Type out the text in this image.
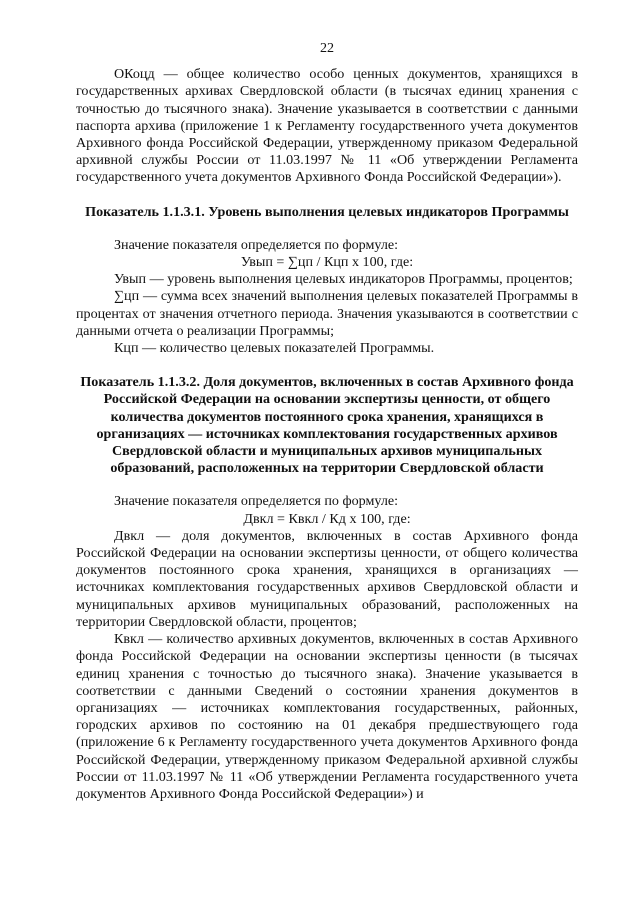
22

ОКоцд — общее количество особо ценных документов, хранящихся в государственных архивах Свердловской области (в тысячах единиц хранения с точностью до тысячного знака). Значение указывается в соответствии с данными паспорта архива (приложение 1 к Регламенту государственного учета документов Архивного фонда Российской Федерации, утвержденному приказом Федеральной архивной службы России от 11.03.1997 № 11 «Об утверждении Регламента государственного учета документов Архивного Фонда Российской Федерации»).

Показатель 1.1.3.1. Уровень выполнения целевых индикаторов Программы

Значение показателя определяется по формуле:

Увып = ∑цп / Кцп х 100, где:

Увып — уровень выполнения целевых индикаторов Программы, процентов;

∑цп — сумма всех значений выполнения целевых показателей Программы в процентах от значения отчетного периода. Значения указываются в соответствии с данными отчета о реализации Программы;

Кцп — количество целевых показателей Программы.

Показатель 1.1.3.2. Доля документов, включенных в состав Архивного фонда Российской Федерации на основании экспертизы ценности, от общего количества документов постоянного срока хранения, хранящихся в организациях — источниках комплектования государственных архивов Свердловской области и муниципальных архивов муниципальных образований, расположенных на территории Свердловской области

Значение показателя определяется по формуле:

Двкл = Квкл / Кд х 100, где:

Двкл — доля документов, включенных в состав Архивного фонда Российской Федерации на основании экспертизы ценности, от общего количества документов постоянного срока хранения, хранящихся в организациях — источниках комплектования государственных архивов Свердловской области и муниципальных архивов муниципальных образований, расположенных на территории Свердловской области, процентов;

Квкл — количество архивных документов, включенных в состав Архивного фонда Российской Федерации на основании экспертизы ценности (в тысячах единиц хранения с точностью до тысячного знака). Значение указывается в соответствии с данными Сведений о состоянии хранения документов в организациях — источниках комплектования государственных, районных, городских архивов по состоянию на 01 декабря предшествующего года (приложение 6 к Регламенту государственного учета документов Архивного фонда Российской Федерации, утвержденному приказом Федеральной архивной службы России от 11.03.1997 № 11 «Об утверждении Регламента государственного учета документов Архивного Фонда Российской Федерации») и
